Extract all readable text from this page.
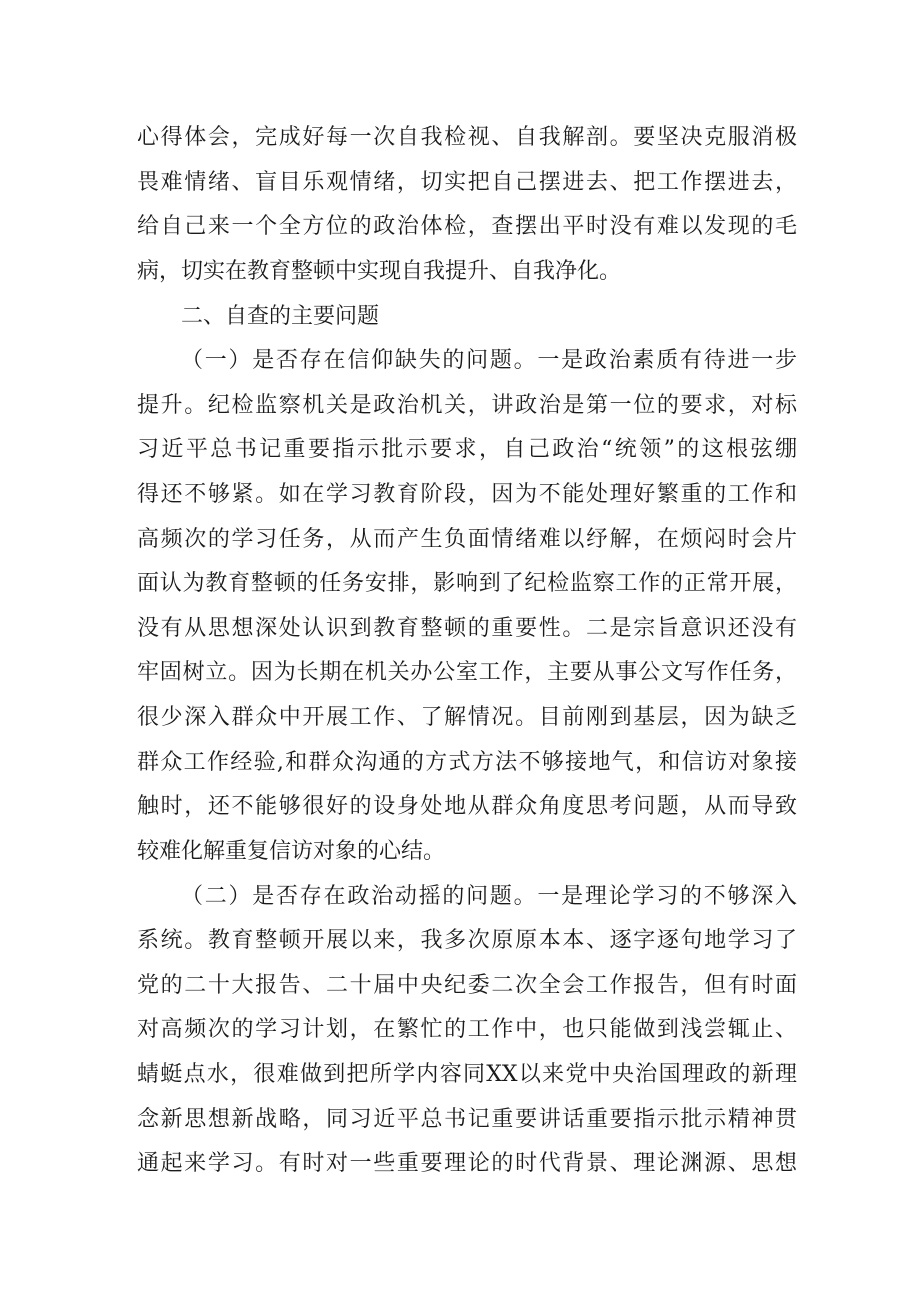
心得体会，完成好每一次自我检视、自我解剖。要坚决克服消极
畏难情绪、盲目乐观情绪，切实把自己摆进去、把工作摆进去，
给自己来一个全方位的政治体检，查摆出平时没有难以发现的毛
病，切实在教育整顿中实现自我提升、自我净化。
二、自查的主要问题
（一）是否存在信仰缺失的问题。一是政治素质有待进一步
提升。纪检监察机关是政治机关，讲政治是第一位的要求，对标
习近平总书记重要指示批示要求，自己政治“统领”的这根弦绷
得还不够紧。如在学习教育阶段，因为不能处理好繁重的工作和
高频次的学习任务，从而产生负面情绪难以纾解，在烦闷时会片
面认为教育整顿的任务安排，影响到了纪检监察工作的正常开展，
没有从思想深处认识到教育整顿的重要性。二是宗旨意识还没有
牢固树立。因为长期在机关办公室工作，主要从事公文写作任务，
很少深入群众中开展工作、了解情况。目前刚到基层，因为缺乏
群众工作经验,和群众沟通的方式方法不够接地气，和信访对象接
触时，还不能够很好的设身处地从群众角度思考问题，从而导致
较难化解重复信访对象的心结。
（二）是否存在政治动摇的问题。一是理论学习的不够深入
系统。教育整顿开展以来，我多次原原本本、逐字逐句地学习了
党的二十大报告、二十届中央纪委二次全会工作报告，但有时面
对高频次的学习计划，在繁忙的工作中，也只能做到浅尝辄止、
蜻蜓点水，很难做到把所学内容同XX以来党中央治国理政的新理
念新思想新战略，同习近平总书记重要讲话重要指示批示精神贯
通起来学习。有时对一些重要理论的时代背景、理论渊源、思想
